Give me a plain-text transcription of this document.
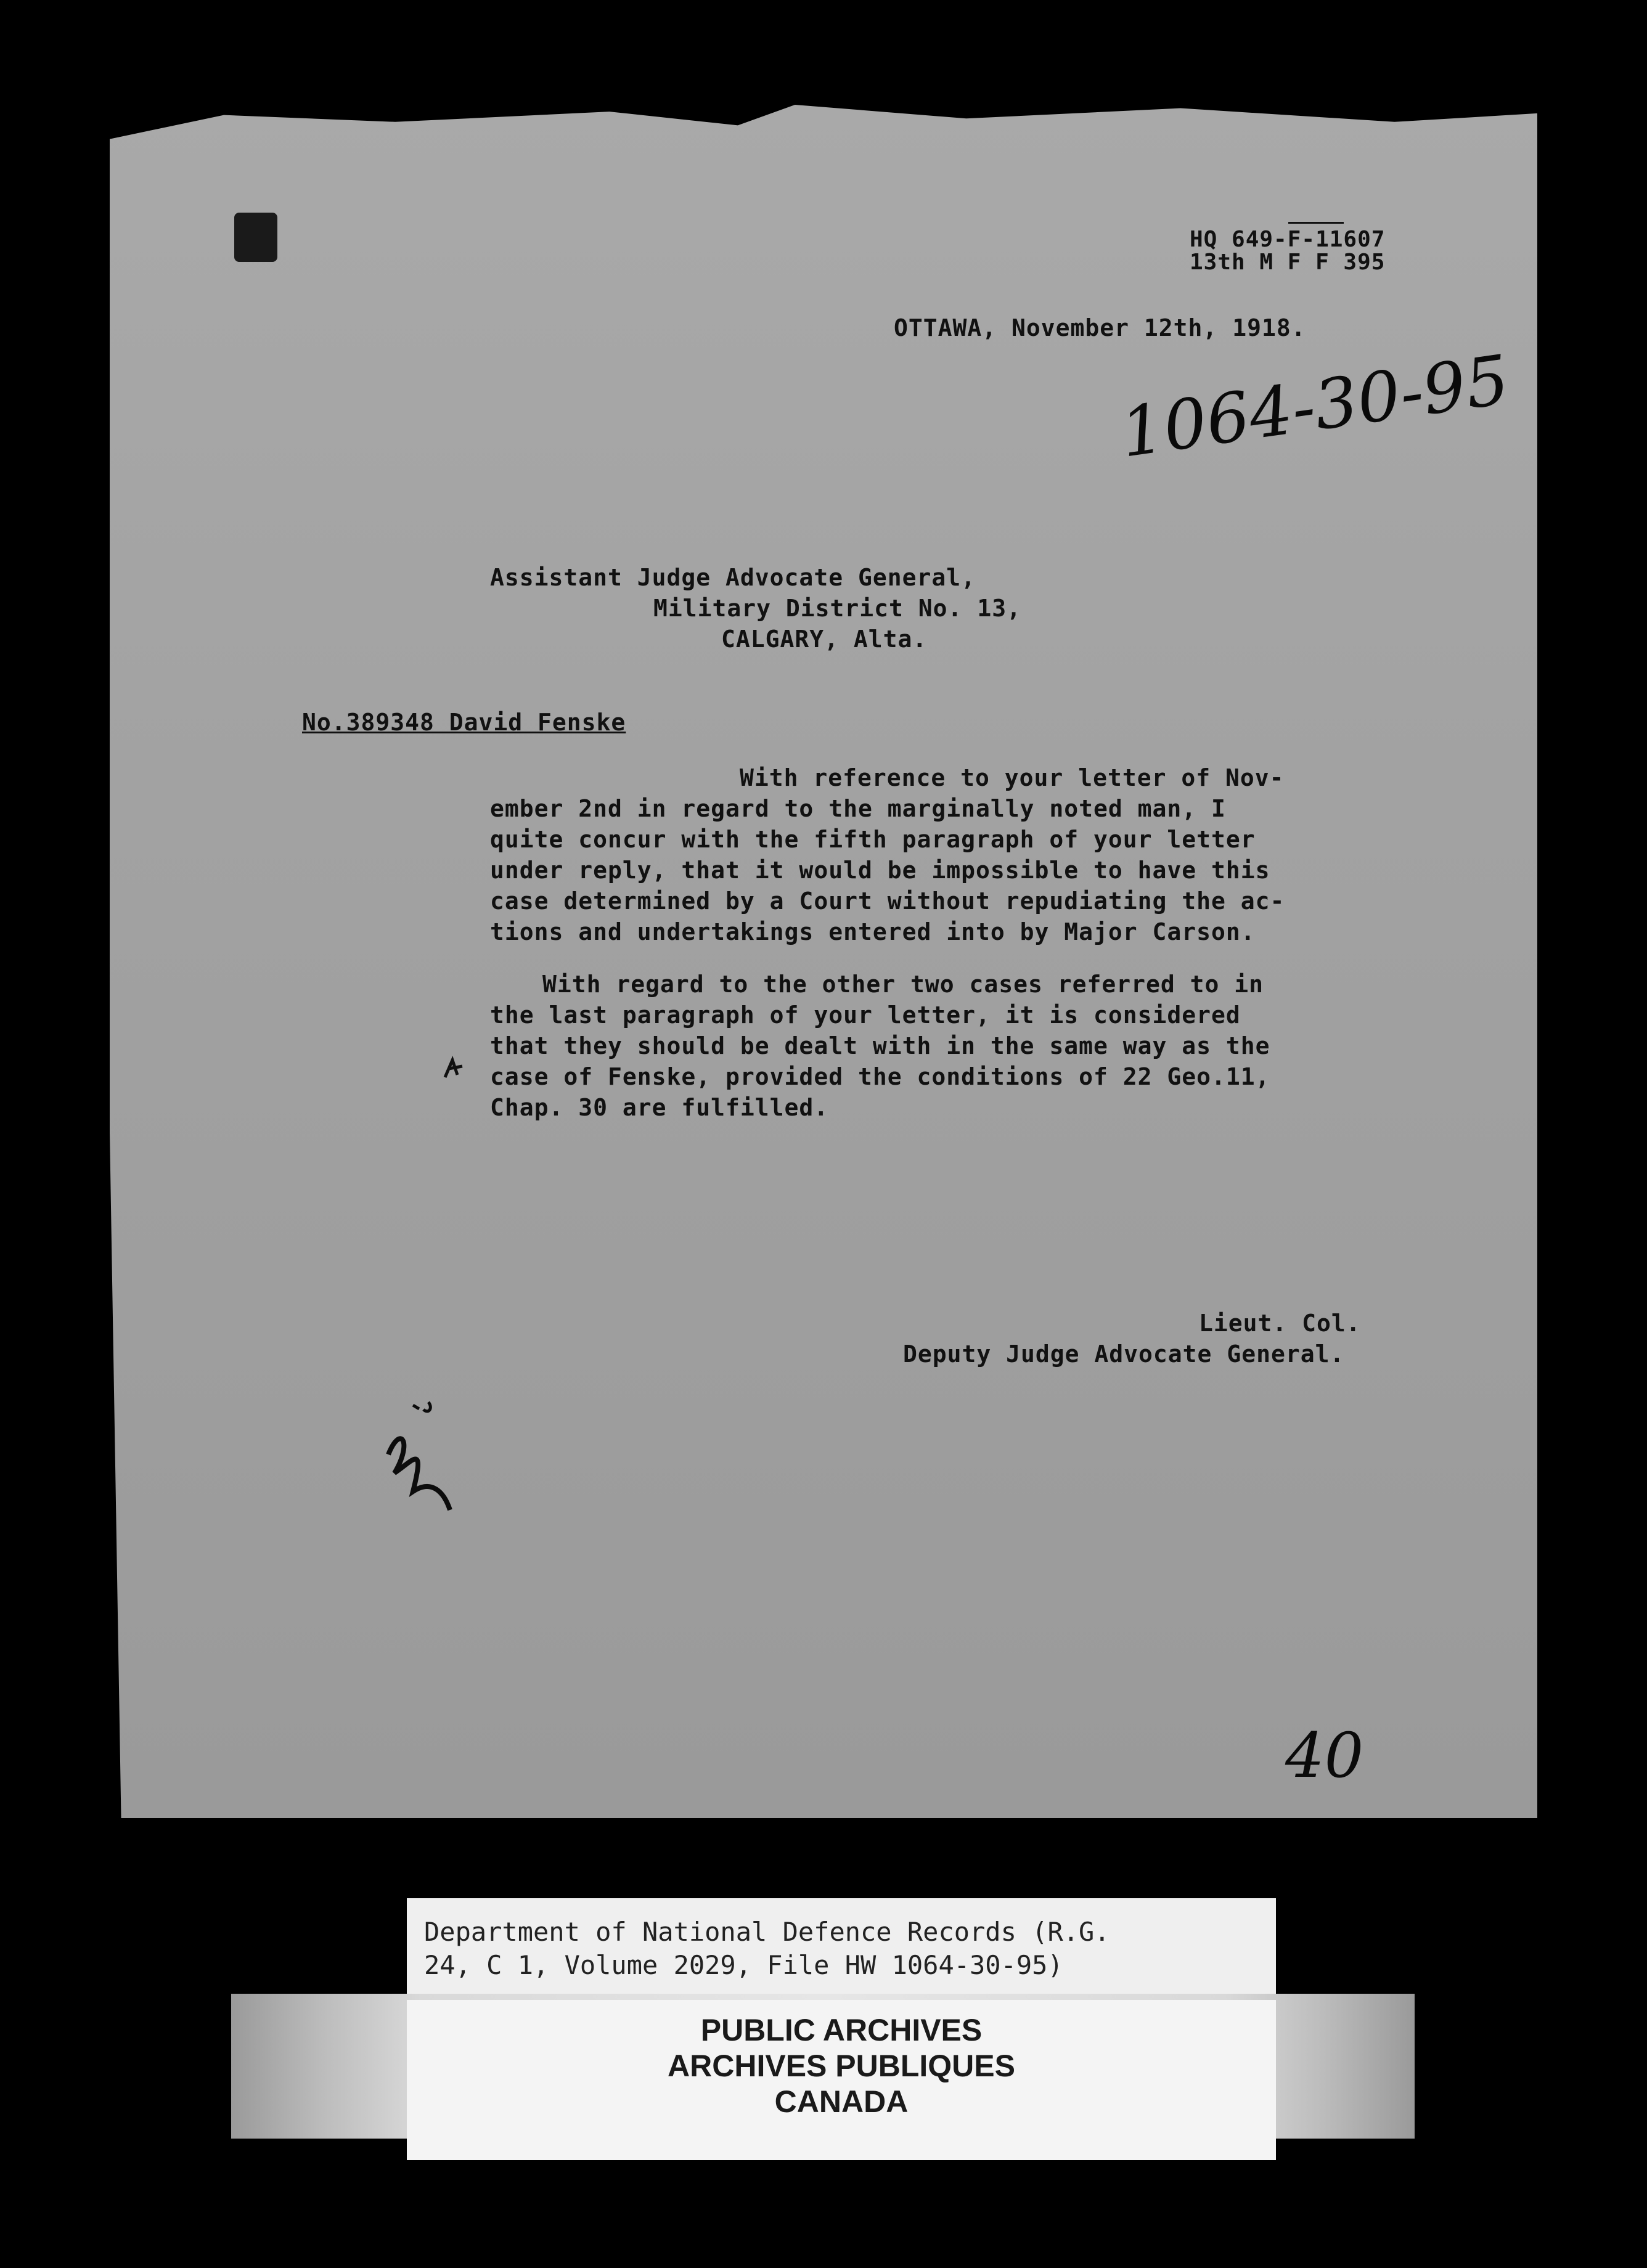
HQ 649-F-11607
13th M F F 395
OTTAWA, November 12th, 1918.
1064-30-95
Assistant Judge Advocate General,
Military District No. 13,
CALGARY, Alta.
No.389348 David Fenske
With reference to your letter of Nov-
ember 2nd in regard to the marginally noted man, I
quite concur with the fifth paragraph of your letter
under reply, that it would be impossible to have this
case determined by a Court without repudiating the ac-
tions and undertakings entered into by Major Carson.
With regard to the other two cases referred to in
the last paragraph of your letter, it is considered
that they should be dealt with in the same way as the
case of Fenske, provided the conditions of 22 Geo.11,
Chap. 30 are fulfilled.
Lieut. Col.
Deputy Judge Advocate General.
40
Department of National Defence Records (R.G.
24, C 1, Volume 2029, File HW 1064-30-95)
PUBLIC ARCHIVES
ARCHIVES PUBLIQUES
CANADA
